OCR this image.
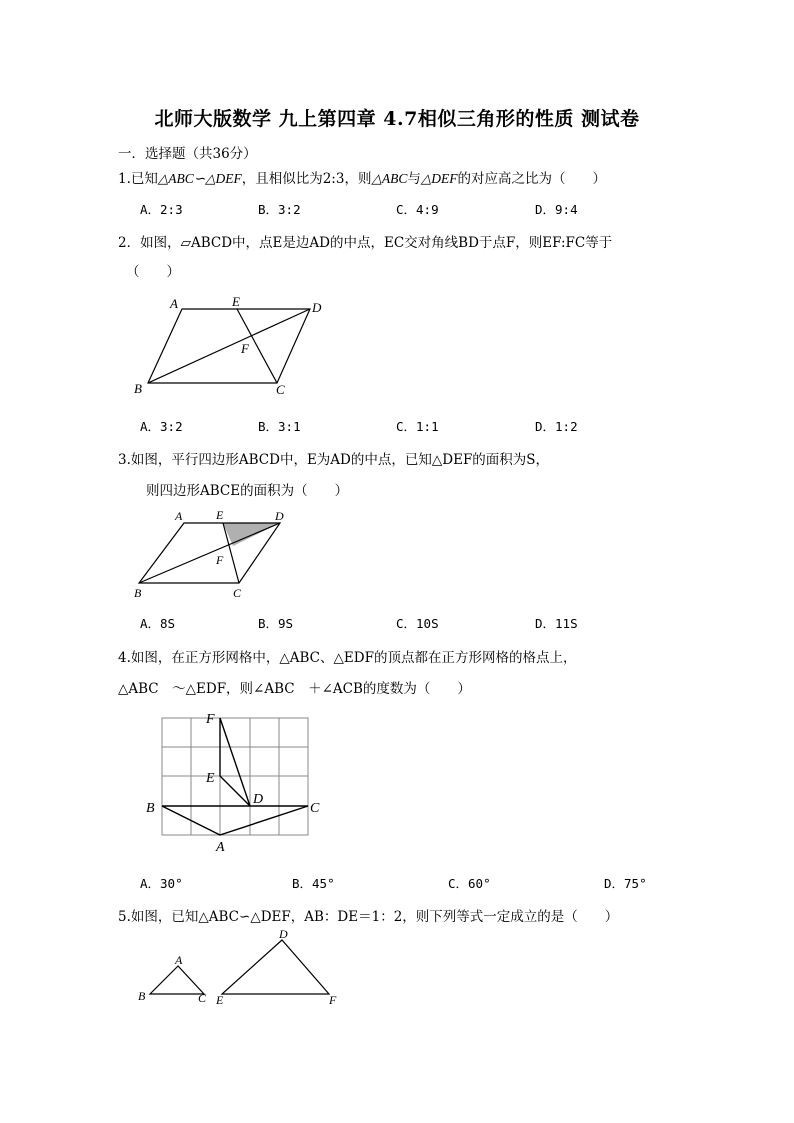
北师大版数学 九上第四章 4.7相似三角形的性质 测试卷
一．选择题（共36分）
1.已知△ABC∽△DEF，且相似比为2:3，则△ABC与△DEF的对应高之比为（　　）
A．2:3	B．3:2	C．4:9	D．9:4
2．如图，▱ABCD中，点E是边AD的中点，EC交对角线BD于点F，则EF:FC等于
（　　）
A	E	D
F
B	C
A．3:2	B．3:1	C．1:1	D．1:2
3.如图，平行四边形ABCD中，E为AD的中点，已知△DEF的面积为S，
则四边形ABCE的面积为（　　）
A	E	D
F
B	C
A．8S	B．9S	C．10S	D．11S
4.如图，在正方形网格中，△ABC、△EDF的顶点都在正方形网格的格点上，
△ABC　～△EDF，则∠ABC　＋∠ACB的度数为（　　）
F
E
D
B	C
A
A．30°	B．45°	C．60°	D．75°
5.如图，已知△ABC∽△DEF，AB：DE＝1：2，则下列等式一定成立的是（　　）
A
B	C
D
E	F
